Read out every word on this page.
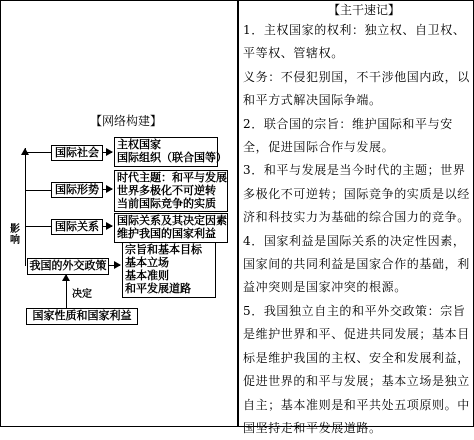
【网络构建】
影响
国际社会
主权国家
国际组织（联合国等）
国际形势
时代主题：和平与发展
世界多极化不可逆转
当前国际竞争的实质
国际关系 国际关系及其决定因素
维护我国的国家利益
我国的外交政策
宗旨和基本目标
基本立场
基本准则
和平发展道路
决定
国家性质和国家利益
【主干速记】

1．主权国家的权利：独立权、自卫权、平等权、管辖权。

义务：不侵犯别国，不干涉他国内政，以和平方式解决国际争端。

2．联合国的宗旨：维护国际和平与安全，促进国际合作与发展。

3．和平与发展是当今时代的主题；世界多极化不可逆转；国际竞争的实质是以经济和科技实力为基础的综合国力的竞争。

4．国家利益是国际关系的决定性因素，国家间的共同利益是国家合作的基础，利益冲突则是国家冲突的根源。

5．我国独立自主的和平外交政策：宗旨是维护世界和平、促进共同发展；基本目标是维护我国的主权、安全和发展利益，促进世界的和平与发展；基本立场是独立自主；基本准则是和平共处五项原则。中国坚持走和平发展道路。
